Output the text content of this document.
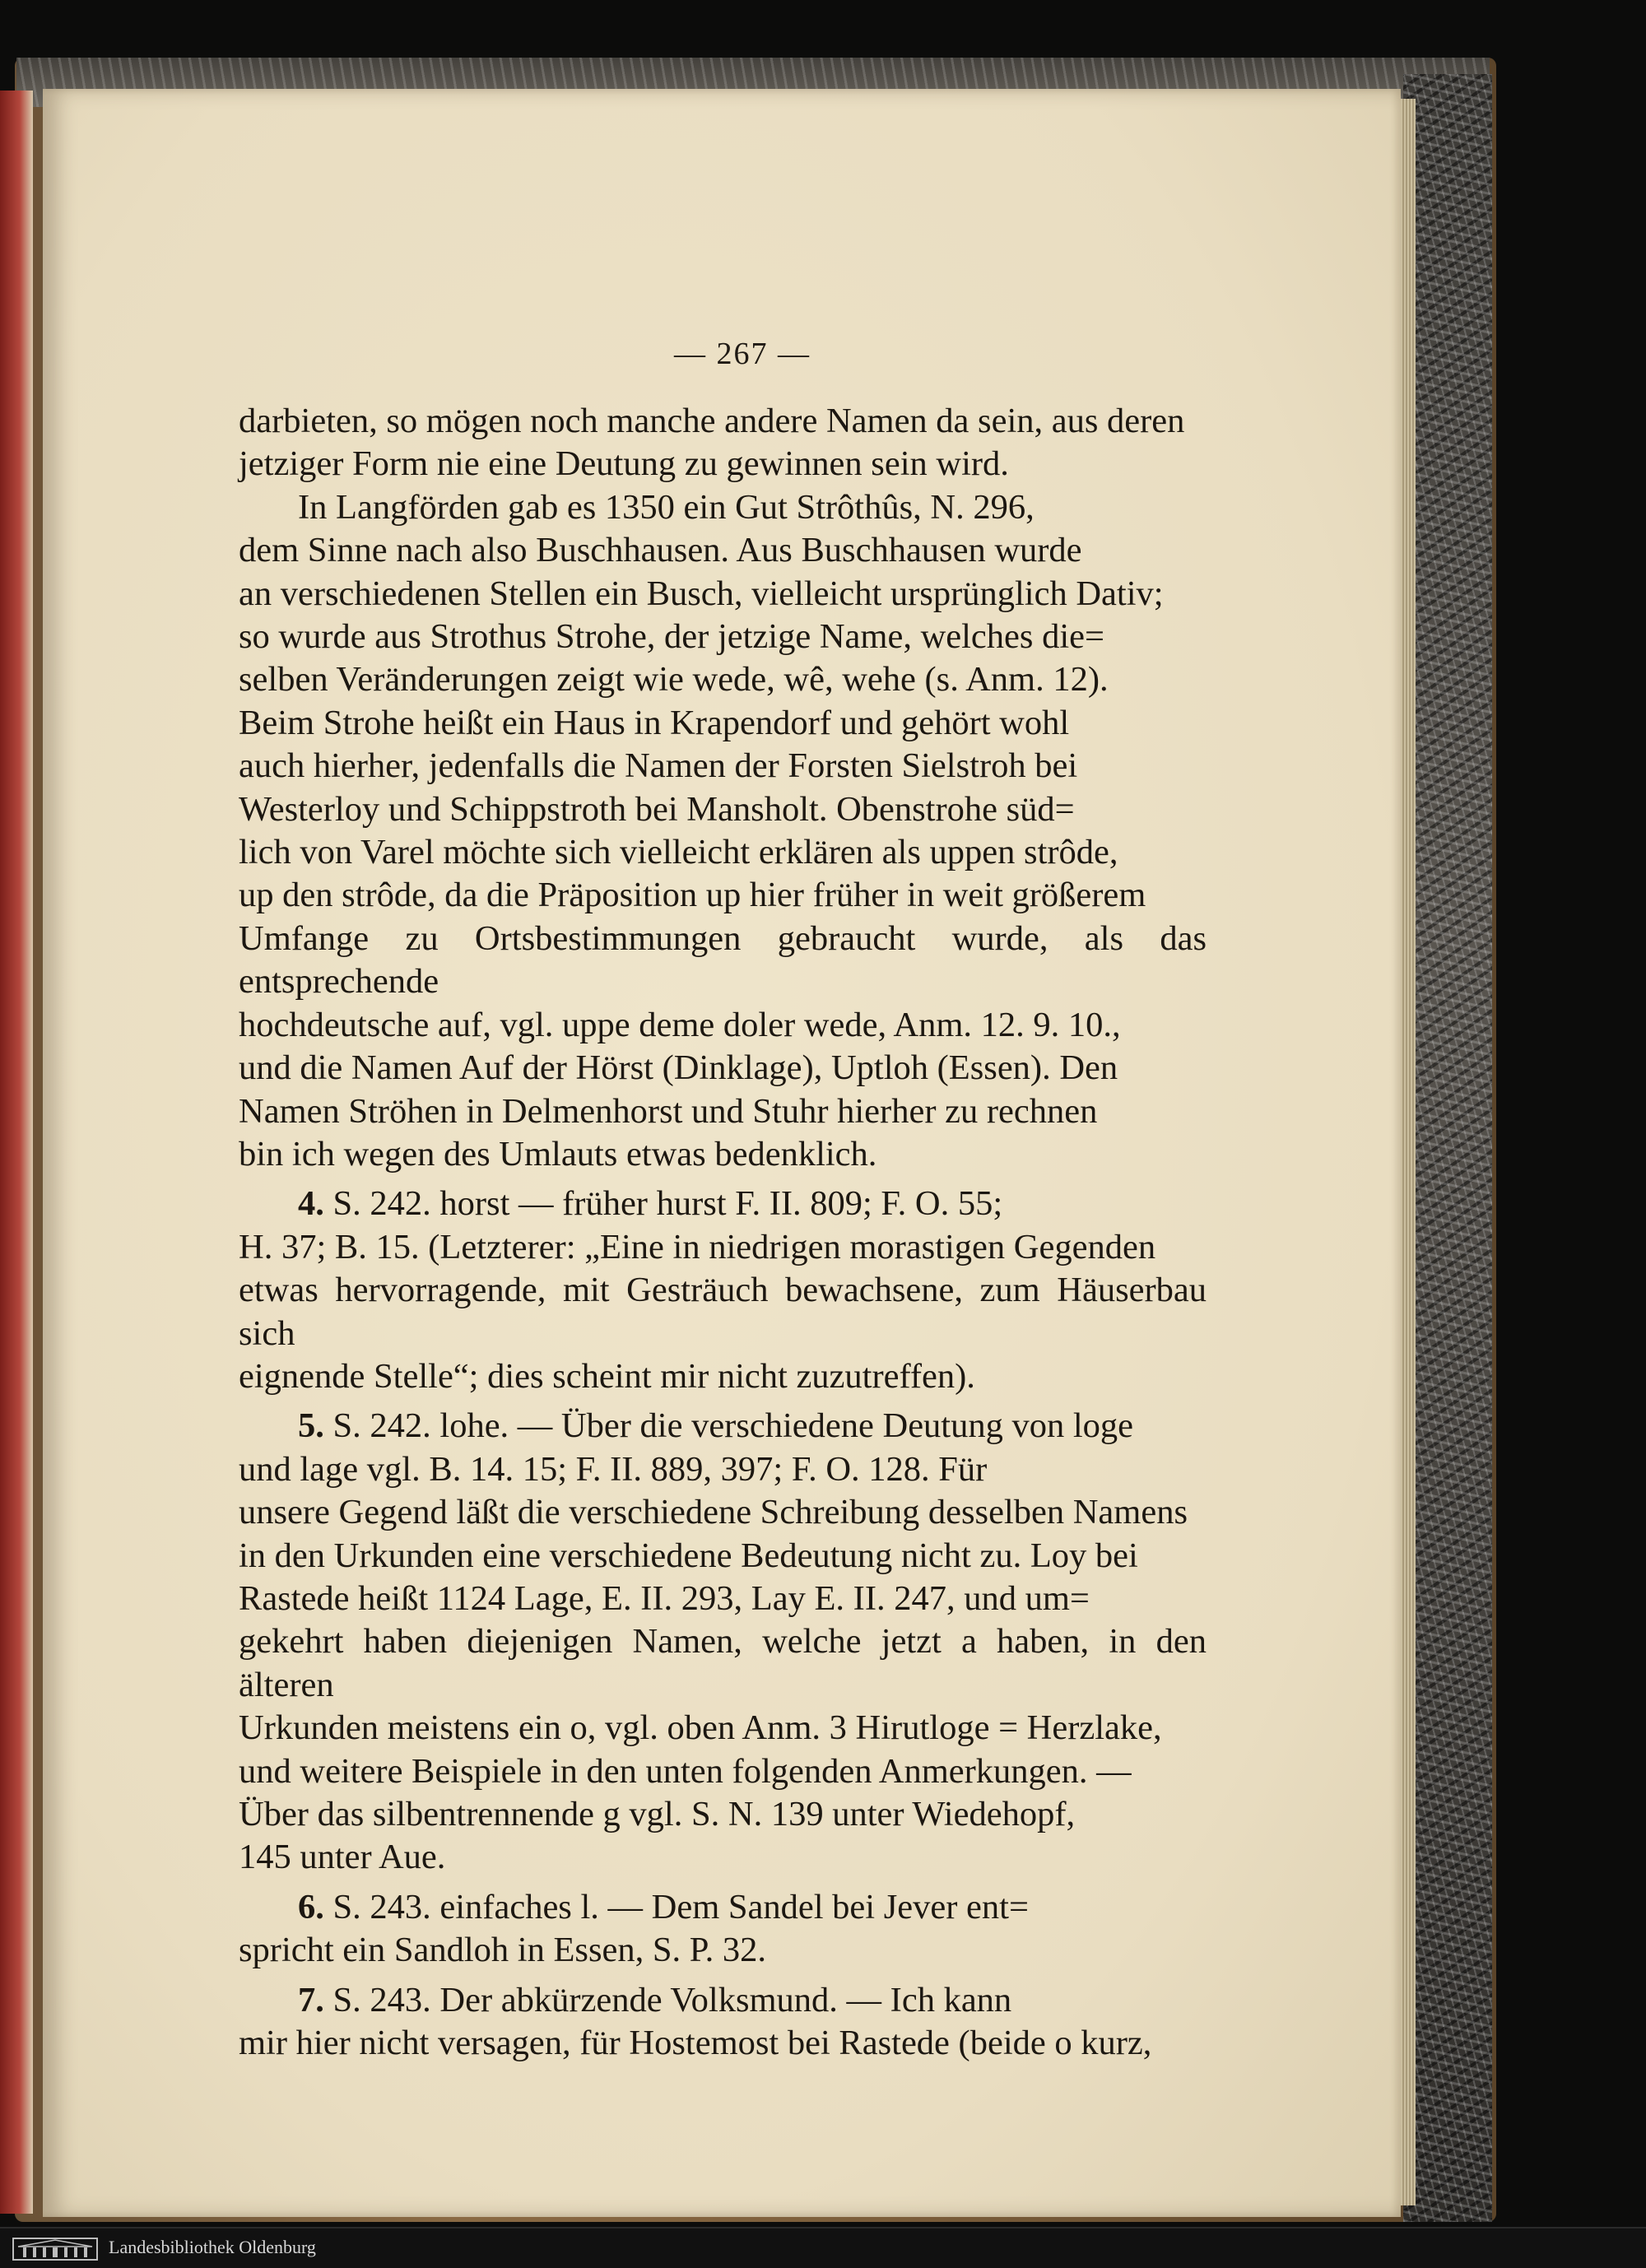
— 267 —

darbieten, so mögen noch manche andere Namen da sein, aus deren
jetziger Form nie eine Deutung zu gewinnen sein wird.

In Langförden gab es 1350 ein Gut Strôthûs, N. 296,
dem Sinne nach also Buschhausen. Aus Buschhausen wurde
an verschiedenen Stellen ein Busch, vielleicht ursprünglich Dativ;
so wurde aus Strothus Strohe, der jetzige Name, welches die=
selben Veränderungen zeigt wie wede, wê, wehe (s. Anm. 12).
Beim Strohe heißt ein Haus in Krapendorf und gehört wohl
auch hierher, jedenfalls die Namen der Forsten Sielstroh bei
Westerloy und Schippstroth bei Mansholt. Obenstrohe süd=
lich von Varel möchte sich vielleicht erklären als uppen strôde,
up den strôde, da die Präposition up hier früher in weit größerem
Umfange zu Ortsbestimmungen gebraucht wurde, als das entsprechende
hochdeutsche auf, vgl. uppe deme doler wede, Anm. 12. 9. 10.,
und die Namen Auf der Hörst (Dinklage), Uptloh (Essen). Den
Namen Ströhen in Delmenhorst und Stuhr hierher zu rechnen
bin ich wegen des Umlauts etwas bedenklich.

4. S. 242. horst — früher hurst F. II. 809; F. O. 55;
H. 37; B. 15. (Letzterer: „Eine in niedrigen morastigen Gegenden
etwas hervorragende, mit Gesträuch bewachsene, zum Häuserbau sich
eignende Stelle“; dies scheint mir nicht zuzutreffen).

5. S. 242. lohe. — Über die verschiedene Deutung von loge
und lage vgl. B. 14. 15; F. II. 889, 397; F. O. 128. Für
unsere Gegend läßt die verschiedene Schreibung desselben Namens
in den Urkunden eine verschiedene Bedeutung nicht zu. Loy bei
Rastede heißt 1124 Lage, E. II. 293, Lay E. II. 247, und um=
gekehrt haben diejenigen Namen, welche jetzt a haben, in den älteren
Urkunden meistens ein o, vgl. oben Anm. 3 Hirutloge = Herzlake,
und weitere Beispiele in den unten folgenden Anmerkungen. —
Über das silbentrennende g vgl. S. N. 139 unter Wiedehopf,
145 unter Aue.

6. S. 243. einfaches l. — Dem Sandel bei Jever ent=
spricht ein Sandloh in Essen, S. P. 32.

7. S. 243. Der abkürzende Volksmund. — Ich kann
mir hier nicht versagen, für Hostemost bei Rastede (beide o kurz,

Landesbibliothek Oldenburg
